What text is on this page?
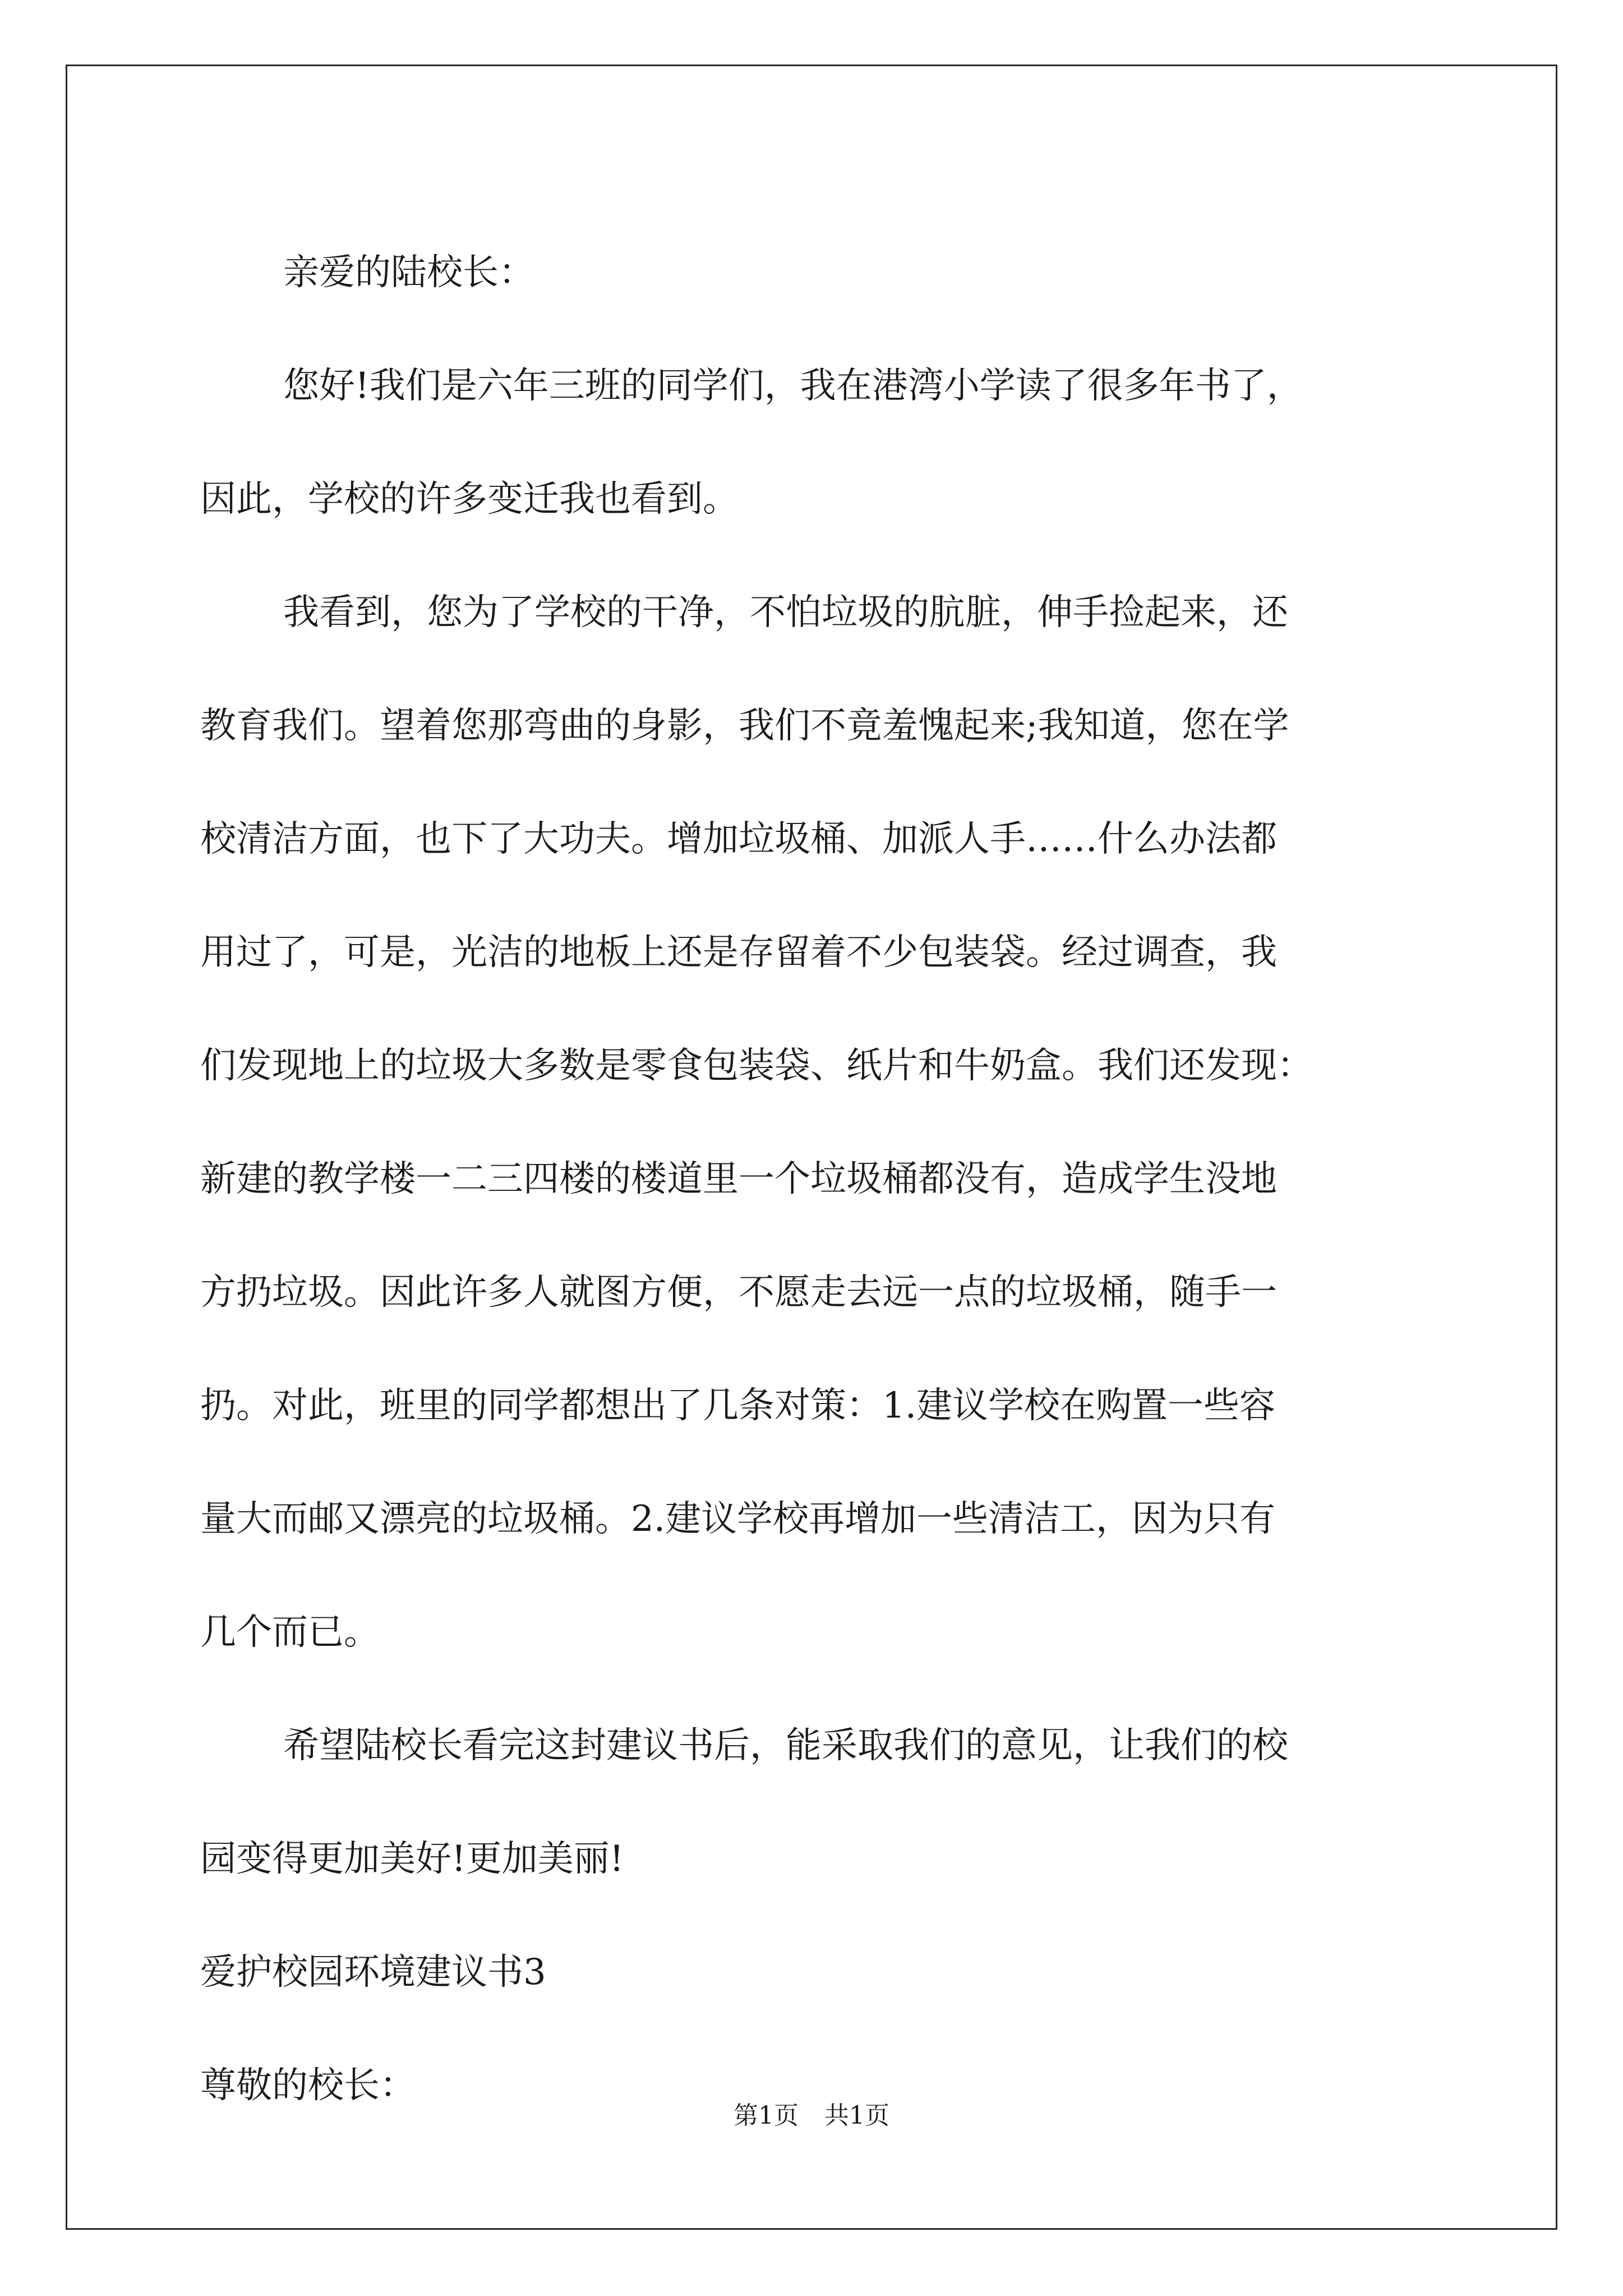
亲爱的陆校长：

您好!我们是六年三班的同学们，我在港湾小学读了很多年书了，

因此，学校的许多变迁我也看到。

我看到，您为了学校的干净，不怕垃圾的肮脏，伸手捡起来，还

教育我们。望着您那弯曲的身影，我们不竟羞愧起来;我知道，您在学

校清洁方面，也下了大功夫。增加垃圾桶、加派人手……什么办法都

用过了，可是，光洁的地板上还是存留着不少包装袋。经过调查，我

们发现地上的垃圾大多数是零食包装袋、纸片和牛奶盒。我们还发现：

新建的教学楼一二三四楼的楼道里一个垃圾桶都没有，造成学生没地

方扔垃圾。因此许多人就图方便，不愿走去远一点的垃圾桶，随手一

扔。对此，班里的同学都想出了几条对策：1.建议学校在购置一些容

量大而邮又漂亮的垃圾桶。2.建议学校再增加一些清洁工，因为只有

几个而已。

希望陆校长看完这封建议书后，能采取我们的意见，让我们的校

园变得更加美好!更加美丽!

爱护校园环境建议书3

尊敬的校长：

第1页 共1页
